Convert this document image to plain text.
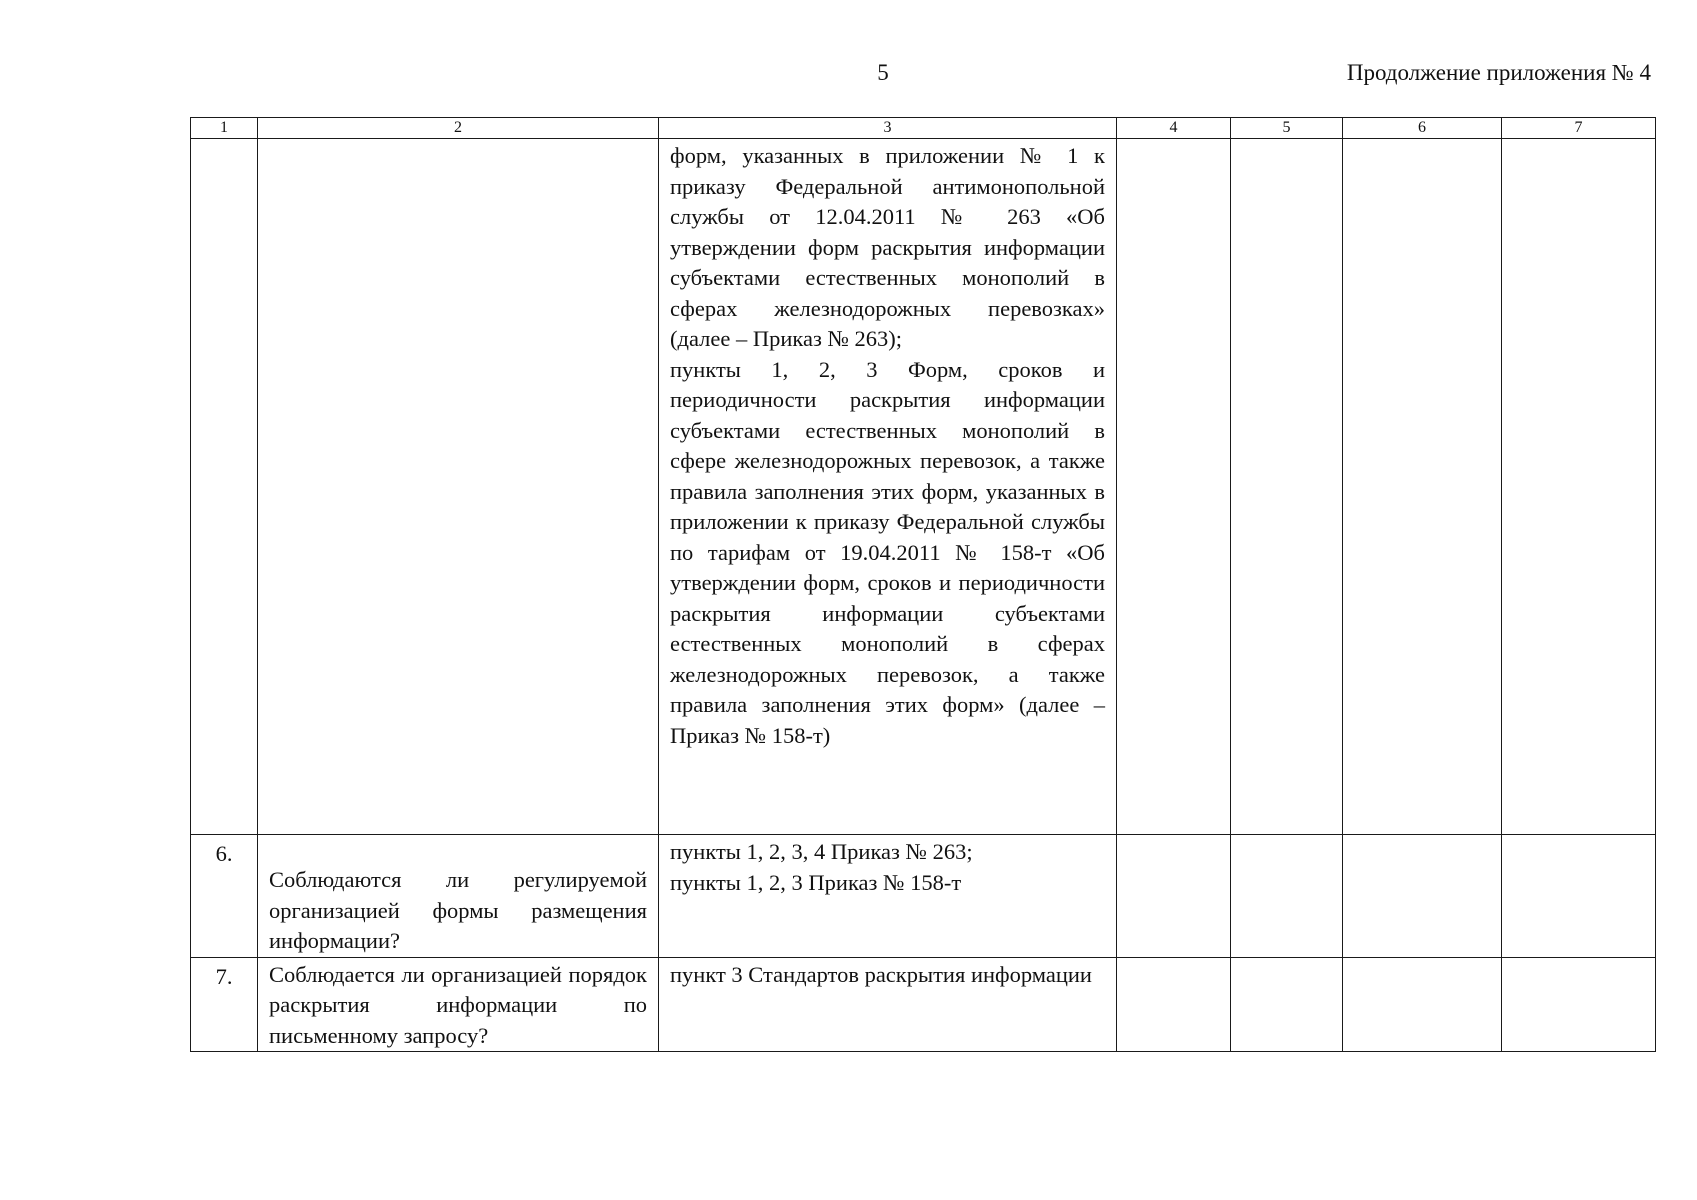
5	Продолжение приложения № 4
1	2	3	4	5	6	7

		форм, указанных в приложении № 1 к приказу Федеральной антимонопольной службы от 12.04.2011 № 263 «Об утверждении форм раскрытия информации субъектами естественных монополий в сферах железнодорожных перевозках» (далее – Приказ № 263);
пункты 1, 2, 3 Форм, сроков и периодичности раскрытия информации субъектами естественных монополий в сфере железнодорожных перевозок, а также правила заполнения этих форм, указанных в приложении к приказу Федеральной службы по тарифам от 19.04.2011 № 158-т «Об утверждении форм, сроков и периодичности раскрытия информации субъектами естественных монополий в сферах железнодорожных перевозок, а также правила заполнения этих форм» (далее – Приказ № 158-т)				

6.	Соблюдаются ли регулируемой организацией формы размещения информации?	пункты 1, 2, 3, 4 Приказ № 263;
пункты 1, 2, 3 Приказ № 158-т				

7.	Соблюдается ли организацией порядок раскрытия информации по письменному запросу?	пункт 3 Стандартов раскрытия информации				
